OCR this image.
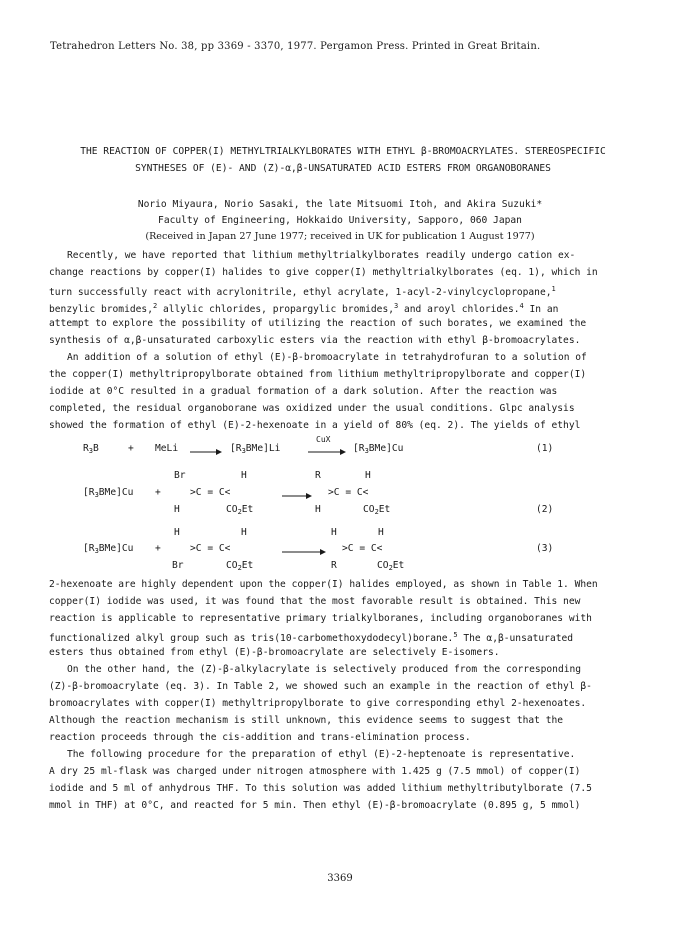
Tetrahedron Letters No. 38, pp 3369 - 3370, 1977. Pergamon Press. Printed in Great Britain.
THE REACTION OF COPPER(I) METHYLTRIALKYLBORATES WITH ETHYL β-BROMOACRYLATES. STEREOSPECIFIC
SYNTHESES OF (E)- AND (Z)-α,β-UNSATURATED ACID ESTERS FROM ORGANOBORANES
Norio Miyaura, Norio Sasaki, the late Mitsuomi Itoh, and Akira Suzuki*
Faculty of Engineering, Hokkaido University, Sapporo, 060 Japan
(Received in Japan 27 June 1977; received in UK for publication 1 August 1977)
Recently, we have reported that lithium methyltrialkylborates readily undergo cation ex-
change reactions by copper(I) halides to give copper(I) methyltrialkylborates (eq. 1), which in
turn successfully react with acrylonitrile, ethyl acrylate, 1-acyl-2-vinylcyclopropane,$^1$
benzylic bromides,$^2$ allylic chlorides, propargylic bromides,$^3$ and aroyl chlorides.$^4$ In an
attempt to explore the possibility of utilizing the reaction of such borates, we examined the
synthesis of α,β-unsaturated carboxylic esters via the reaction with ethyl β-bromoacrylates.
An addition of a solution of ethyl (E)-β-bromoacrylate in tetrahydrofuran to a solution of
the copper(I) methyltripropylborate obtained from lithium methyltripropylborate and copper(I)
iodide at 0°C resulted in a gradual formation of a dark solution. After the reaction was
completed, the residual organoborane was oxidized under the usual conditions. Glpc analysis
showed the formation of ethyl (E)-2-hexenoate in a yield of 80% (eq. 2). The yields of ethyl
$R_3B$	+ MeLi	$[R_3BMe]Li$
CuX
$[R_3BMe]Cu$	(1)
Br	H
$[R_3BMe]Cu$ +	>C = C<
H	$CO_2Et$
R	H
>C = C<
H	$CO_2Et$	(2)
H	H
$[R_3BMe]Cu$ +	>C = C<
Br	$CO_2Et$
H	H
>C = C<
R	$CO_2Et$
(3)
2-hexenoate are highly dependent upon the copper(I) halides employed, as shown in Table 1. When
copper(I) iodide was used, it was found that the most favorable result is obtained. This new
reaction is applicable to representative primary trialkylboranes, including organoboranes with
functionalized alkyl group such as tris(10-carbomethoxydodecyl)borane.$^5$ The α,β-unsaturated
esters thus obtained from ethyl (E)-β-bromoacrylate are selectively E-isomers.
On the other hand, the (Z)-β-alkylacrylate is selectively produced from the corresponding
(Z)-β-bromoacrylate (eq. 3). In Table 2, we showed such an example in the reaction of ethyl β-
bromoacrylates with copper(I) methyltripropylborate to give corresponding ethyl 2-hexenoates.
Although the reaction mechanism is still unknown, this evidence seems to suggest that the
reaction proceeds through the cis-addition and trans-elimination process.
The following procedure for the preparation of ethyl (E)-2-heptenoate is representative.
A dry 25 ml-flask was charged under nitrogen atmosphere with 1.425 g (7.5 mmol) of copper(I)
iodide and 5 ml of anhydrous THF. To this solution was added lithium methyltributylborate (7.5
mmol in THF) at 0°C, and reacted for 5 min. Then ethyl (E)-β-bromoacrylate (0.895 g, 5 mmol)
3369
